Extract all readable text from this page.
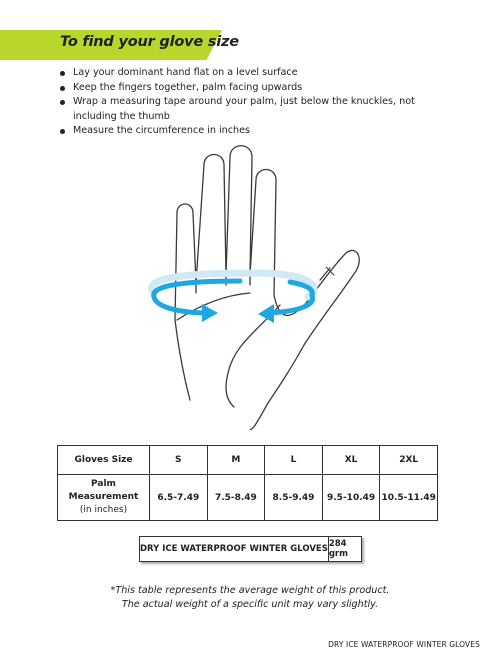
To find your glove size
Lay your dominant hand flat on a level surface
Keep the fingers together, palm facing upwards
Wrap a measuring tape around your palm, just below the knuckles, not including the thumb
Measure the circumference in inches
Gloves Size	S	M	L	XL	2XL

Palm Measurement
(in inches)	6.5-7.49	7.5-8.49	8.5-9.49	9.5-10.49	10.5-11.49
DRY ICE WATERPROOF WINTER GLOVES 284 grm
*This table represents the average weight of this product.
The actual weight of a specific unit may vary slightly.
DRY ICE WATERPROOF WINTER GLOVES
